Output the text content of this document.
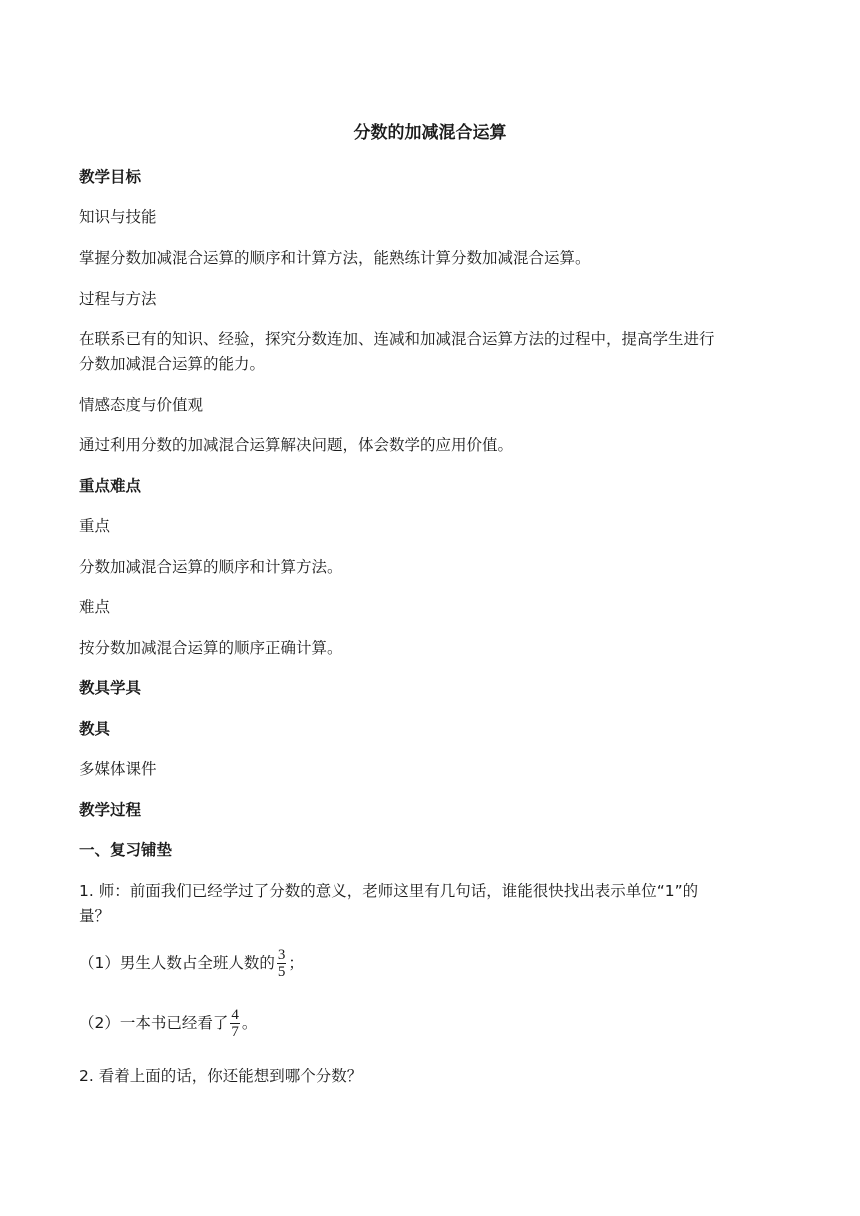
分数的加减混合运算
教学目标
知识与技能
掌握分数加减混合运算的顺序和计算方法，能熟练计算分数加减混合运算。
过程与方法
在联系已有的知识、经验，探究分数连加、连减和加减混合运算方法的过程中，提高学生进行
分数加减混合运算的能力。
情感态度与价值观
通过利用分数的加减混合运算解决问题，体会数学的应用价值。
重点难点
重点
分数加减混合运算的顺序和计算方法。
难点
按分数加减混合运算的顺序正确计算。
教具学具
教具
多媒体课件
教学过程
一、复习铺垫
1. 师：前面我们已经学过了分数的意义，老师这里有几句话，谁能很快找出表示单位“1”的
量？
（1）男生人数占全班人数的 $\frac{3}{5}$ ；
（2）一本书已经看了 $\frac{4}{7}$ 。
2. 看着上面的话，你还能想到哪个分数？
